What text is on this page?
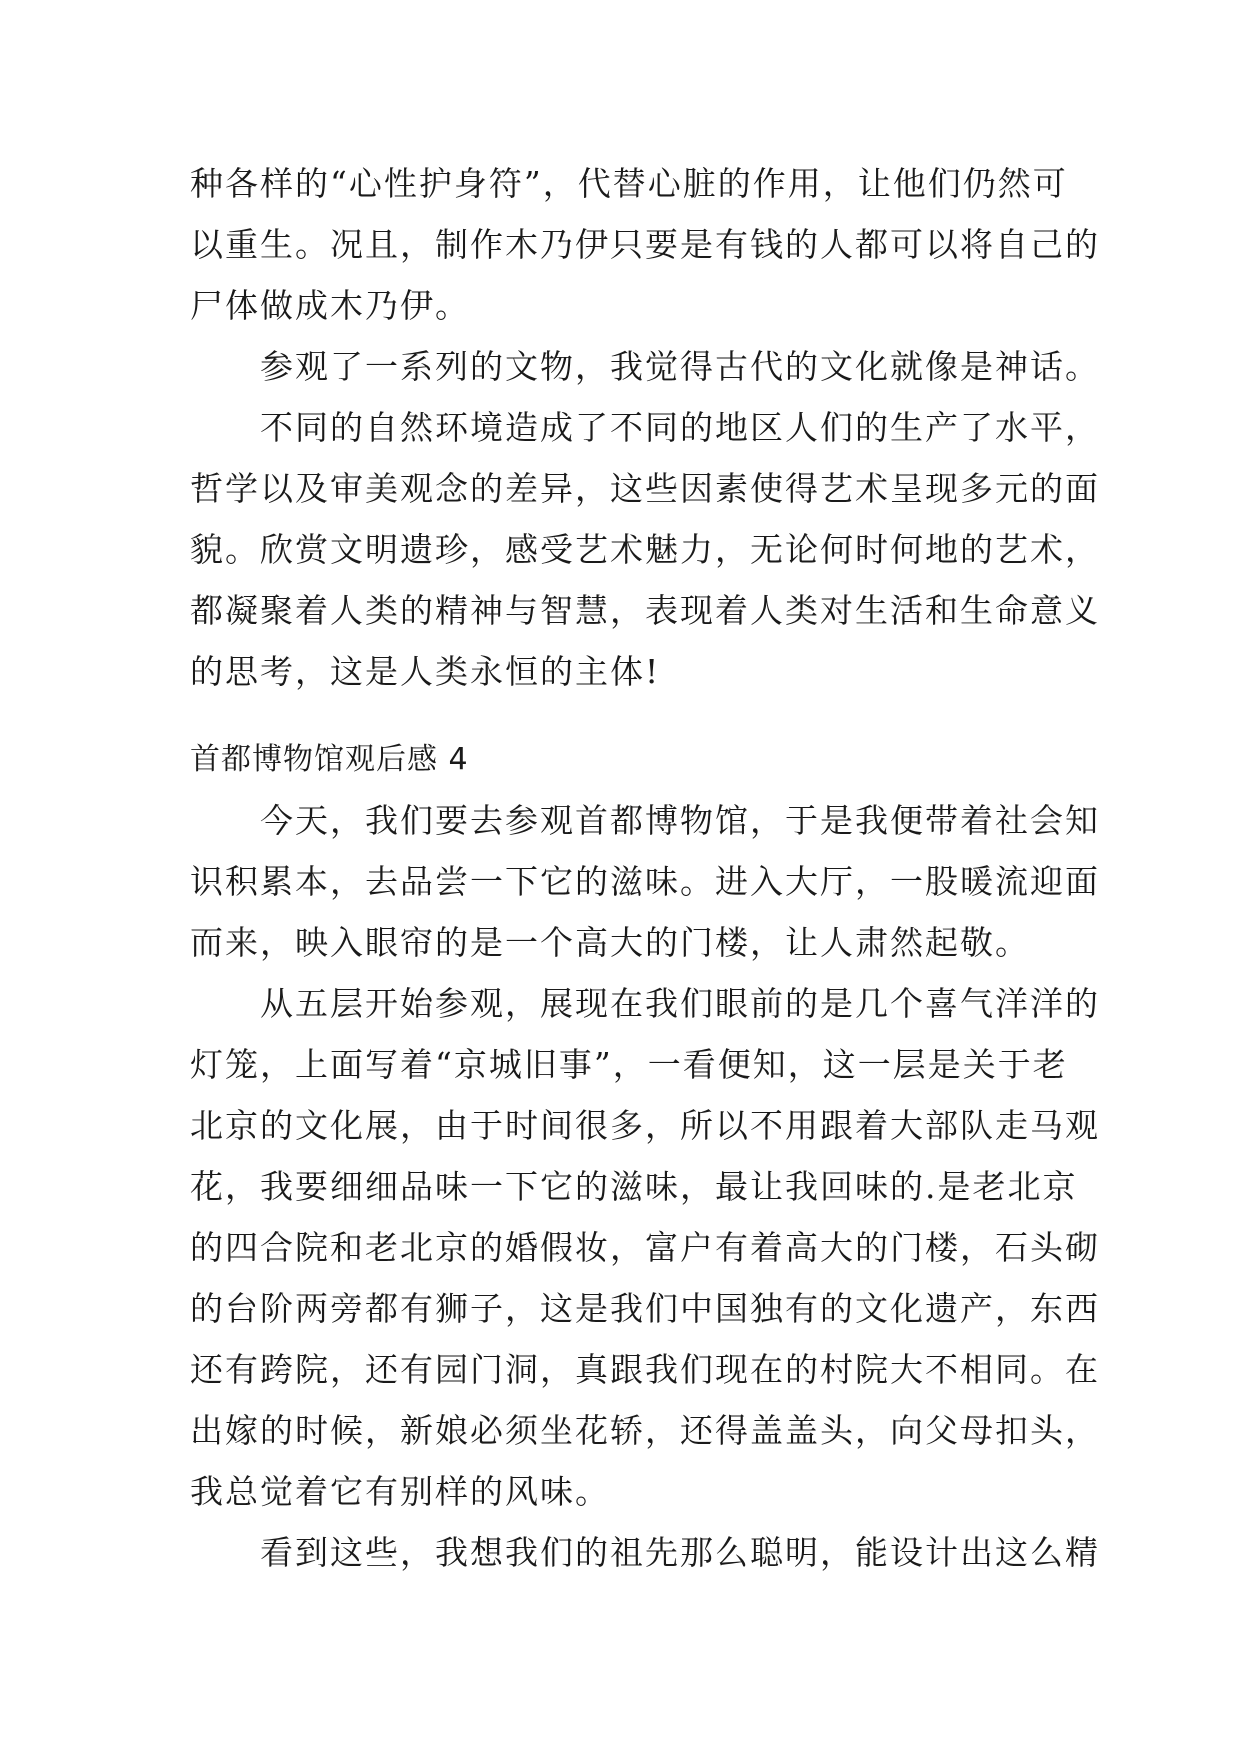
种各样的“心性护身符”，代替心脏的作用，让他们仍然可
以重生。况且，制作木乃伊只要是有钱的人都可以将自己的
尸体做成木乃伊。
参观了一系列的文物，我觉得古代的文化就像是神话。
不同的自然环境造成了不同的地区人们的生产了水平，
哲学以及审美观念的差异，这些因素使得艺术呈现多元的面
貌。欣赏文明遗珍，感受艺术魅力，无论何时何地的艺术，
都凝聚着人类的精神与智慧，表现着人类对生活和生命意义
的思考，这是人类永恒的主体!
首都博物馆观后感 4
今天，我们要去参观首都博物馆，于是我便带着社会知
识积累本，去品尝一下它的滋味。进入大厅，一股暖流迎面
而来，映入眼帘的是一个高大的门楼，让人肃然起敬。
从五层开始参观，展现在我们眼前的是几个喜气洋洋的
灯笼，上面写着“京城旧事”，一看便知，这一层是关于老
北京的文化展，由于时间很多，所以不用跟着大部队走马观
花，我要细细品味一下它的滋味，最让我回味的.是老北京
的四合院和老北京的婚假妆，富户有着高大的门楼，石头砌
的台阶两旁都有狮子，这是我们中国独有的文化遗产，东西
还有跨院，还有园门洞，真跟我们现在的村院大不相同。在
出嫁的时候，新娘必须坐花轿，还得盖盖头，向父母扣头，
我总觉着它有别样的风味。
看到这些，我想我们的祖先那么聪明，能设计出这么精
